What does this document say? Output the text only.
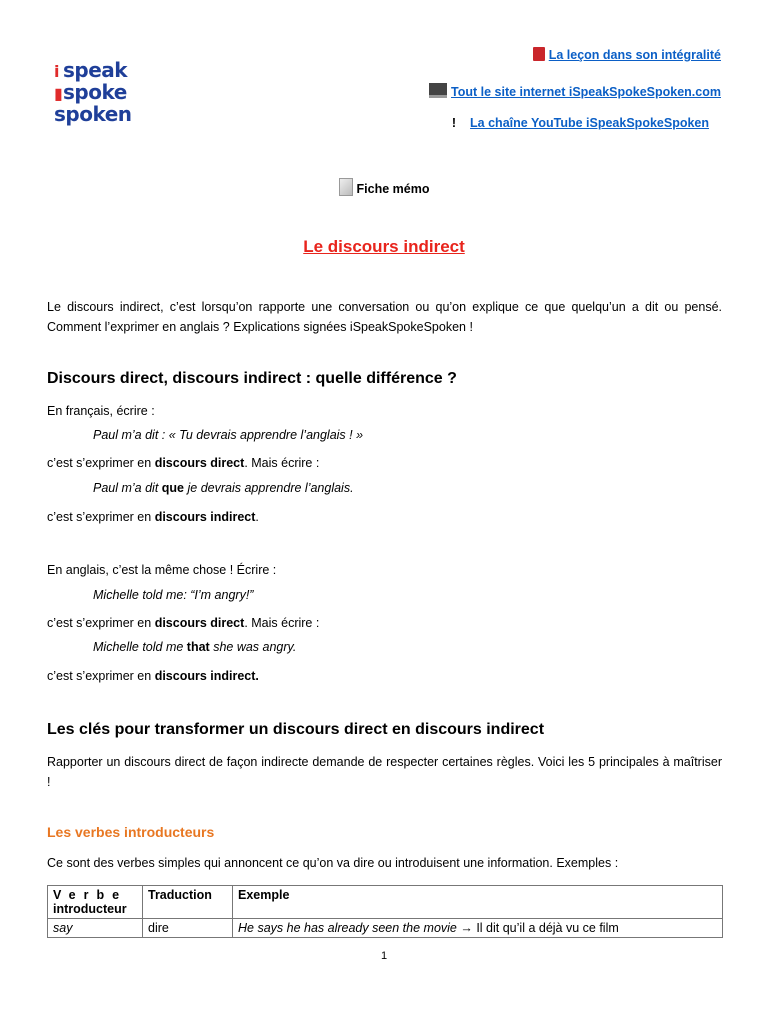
i speak
▮spoke
spoken
La leçon dans son intégralité
Tout le site internet iSpeakSpokeSpoken.com
! La chaîne YouTube iSpeakSpokeSpoken
Fiche mémo
Le discours indirect
Le discours indirect, c’est lorsqu’on rapporte une conversation ou qu’on explique ce que quelqu’un a dit ou pensé. Comment l’exprimer en anglais ? Explications signées iSpeakSpokeSpoken !
Discours direct, discours indirect : quelle différence ?
En français, écrire :
Paul m’a dit : « Tu devrais apprendre l’anglais ! »
c’est s’exprimer en discours direct. Mais écrire :
Paul m’a dit que je devrais apprendre l’anglais.
c’est s’exprimer en discours indirect.
En anglais, c’est la même chose ! Écrire :
Michelle told me: “I’m angry!”
c’est s’exprimer en discours direct. Mais écrire :
Michelle told me that she was angry.
c’est s’exprimer en discours indirect.
Les clés pour transformer un discours direct en discours indirect
Rapporter un discours direct de façon indirecte demande de respecter certaines règles. Voici les 5 principales à maîtriser !
Les verbes introducteurs
Ce sont des verbes simples qui annoncent ce qu’on va dire ou introduisent une information. Exemples :
Verbe
introducteur	Traduction	Exemple
say	dire	He says he has already seen the movie → Il dit qu’il a déjà vu ce film
1
